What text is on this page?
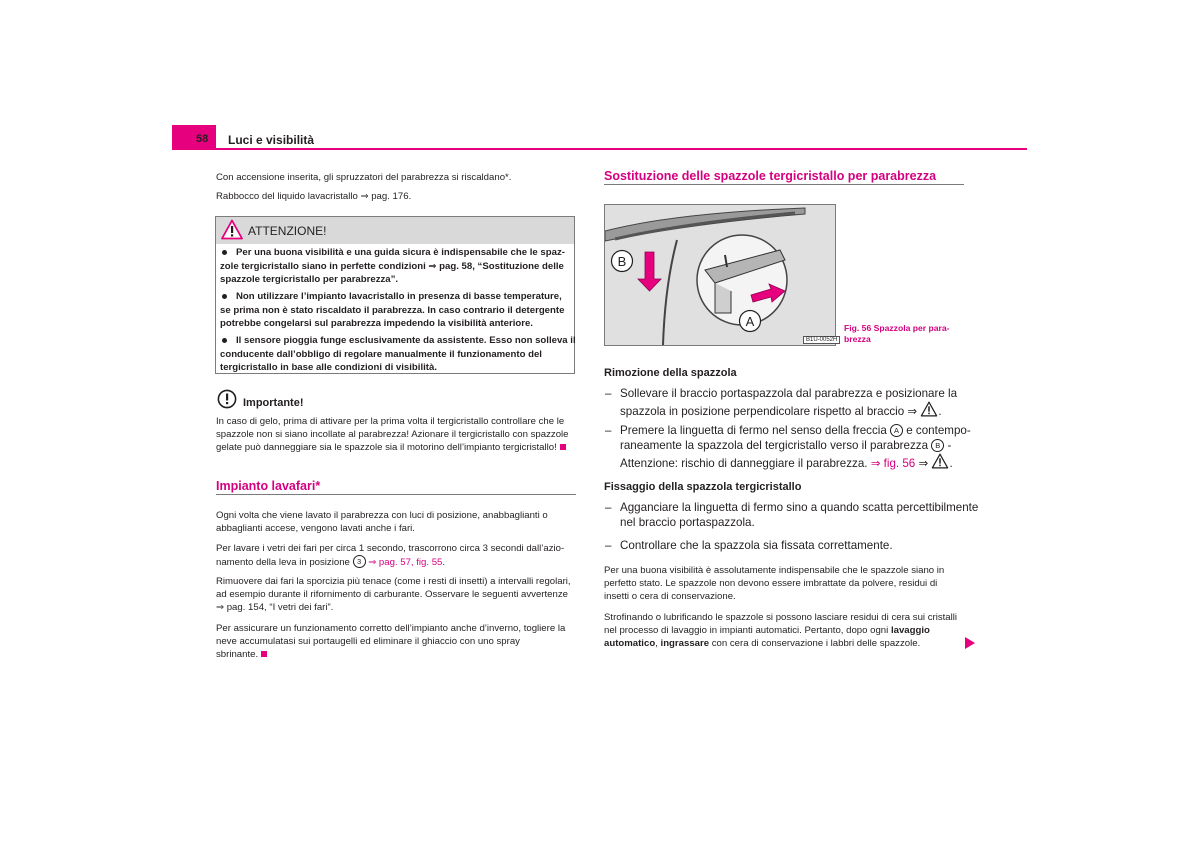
58 Luci e visibilità
Con accensione inserita, gli spruzzatori del parabrezza si riscaldano*.
Rabbocco del liquido lavacristallo ⇒ pag. 176.
ATTENZIONE!
Per una buona visibilità e una guida sicura è indispensabile che le spaz-
zole tergicristallo siano in perfette condizioni ⇒ pag. 58, “Sostituzione delle
spazzole tergicristallo per parabrezza”.
Non utilizzare l’impianto lavacristallo in presenza di basse temperature,
se prima non è stato riscaldato il parabrezza. In caso contrario il detergente
potrebbe congelarsi sul parabrezza impedendo la visibilità anteriore.
Il sensore pioggia funge esclusivamente da assistente. Esso non solleva il
conducente dall’obbligo di regolare manualmente il funzionamento del
tergicristallo in base alle condizioni di visibilità.
Importante!
In caso di gelo, prima di attivare per la prima volta il tergicristallo controllare che le
spazzole non si siano incollate al parabrezza! Azionare il tergicristallo con spazzole
gelate può danneggiare sia le spazzole sia il motorino dell’impianto tergicristallo!
Impianto lavafari*
Ogni volta che viene lavato il parabrezza con luci di posizione, anabbaglianti o
abbaglianti accese, vengono lavati anche i fari.
Per lavare i vetri dei fari per circa 1 secondo, trascorrono circa 3 secondi dall’azio-
namento della leva in posizione 3 ⇒ pag. 57, fig. 55.
Rimuovere dai fari la sporcizia più tenace (come i resti di insetti) a intervalli regolari,
ad esempio durante il rifornimento di carburante. Osservare le seguenti avvertenze
⇒ pag. 154, “I vetri dei fari”.
Per assicurare un funzionamento corretto dell’impianto anche d’inverno, togliere la
neve accumulatasi sui portaugelli ed eliminare il ghiaccio con uno spray
sbrinante.
Sostituzione delle spazzole tergicristallo per parabrezza
B
A
B1U-0052H
Fig. 56 Spazzola per para-
brezza
Rimozione della spazzola
– Sollevare il braccio portaspazzola dal parabrezza e posizionare la
spazzola in posizione perpendicolare rispetto al braccio ⇒ .
– Premere la linguetta di fermo nel senso della freccia A e contempo-
raneamente la spazzola del tergicristallo verso il parabrezza B -
Attenzione: rischio di danneggiare il parabrezza. ⇒ fig. 56 ⇒ .
Fissaggio della spazzola tergicristallo
– Agganciare la linguetta di fermo sino a quando scatta percettibilmente
nel braccio portaspazzola.
– Controllare che la spazzola sia fissata correttamente.
Per una buona visibilità è assolutamente indispensabile che le spazzole siano in
perfetto stato. Le spazzole non devono essere imbrattate da polvere, residui di
insetti o cera di conservazione.
Strofinando o lubrificando le spazzole si possono lasciare residui di cera sui cristalli
nel processo di lavaggio in impianti automatici. Pertanto, dopo ogni lavaggio
automatico, ingrassare con cera di conservazione i labbri delle spazzole.
